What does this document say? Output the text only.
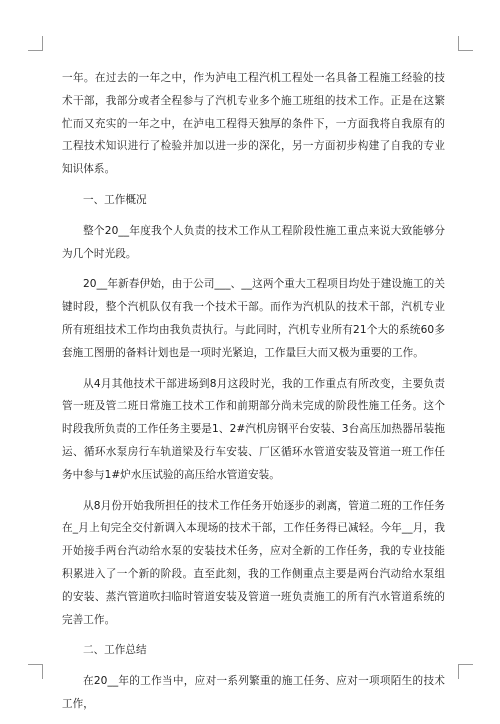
一年。在过去的一年之中，作为泸电工程汽机工程处一名具备工程施工经验的技术干部，我部分或者全程参与了汽机专业多个施工班组的技术工作。正是在这繁忙而又充实的一年之中，在泸电工程得天独厚的条件下，一方面我将自我原有的工程技术知识进行了检验并加以进一步的深化，另一方面初步构建了自我的专业知识体系。

一、工作概况

整个20__年度我个人负责的技术工作从工程阶段性施工重点来说大致能够分为几个时光段。

20__年新春伊始，由于公司___、__这两个重大工程项目均处于建设施工的关键时段，整个汽机队仅有我一个技术干部。而作为汽机队的技术干部，汽机专业所有班组技术工作均由我负责执行。与此同时，汽机专业所有21个大的系统60多套施工图册的备料计划也是一项时光紧迫，工作量巨大而又极为重要的工作。

从4月其他技术干部进场到8月这段时光，我的工作重点有所改变，主要负责管一班及管二班日常施工技术工作和前期部分尚未完成的阶段性施工任务。这个时段我所负责的工作任务主要是1、2#汽机房钢平台安装、3台高压加热器吊装拖运、循环水泵房行车轨道梁及行车安装、厂区循环水管道安装及管道一班工作任务中参与1#炉水压试验的高压给水管道安装。

从8月份开始我所担任的技术工作任务开始逐步的剥离，管道二班的工作任务在_月上旬完全交付新调入本现场的技术干部，工作任务得已减轻。今年__月，我开始接手两台汽动给水泵的安装技术任务，应对全新的工作任务，我的专业技能积累进入了一个新的阶段。直至此刻，我的工作侧重点主要是两台汽动给水泵组的安装、蒸汽管道吹扫临时管道安装及管道一班负责施工的所有汽水管道系统的完善工作。

二、工作总结

在20__年的工作当中，应对一系列繁重的施工任务、应对一项项陌生的技术工作，
